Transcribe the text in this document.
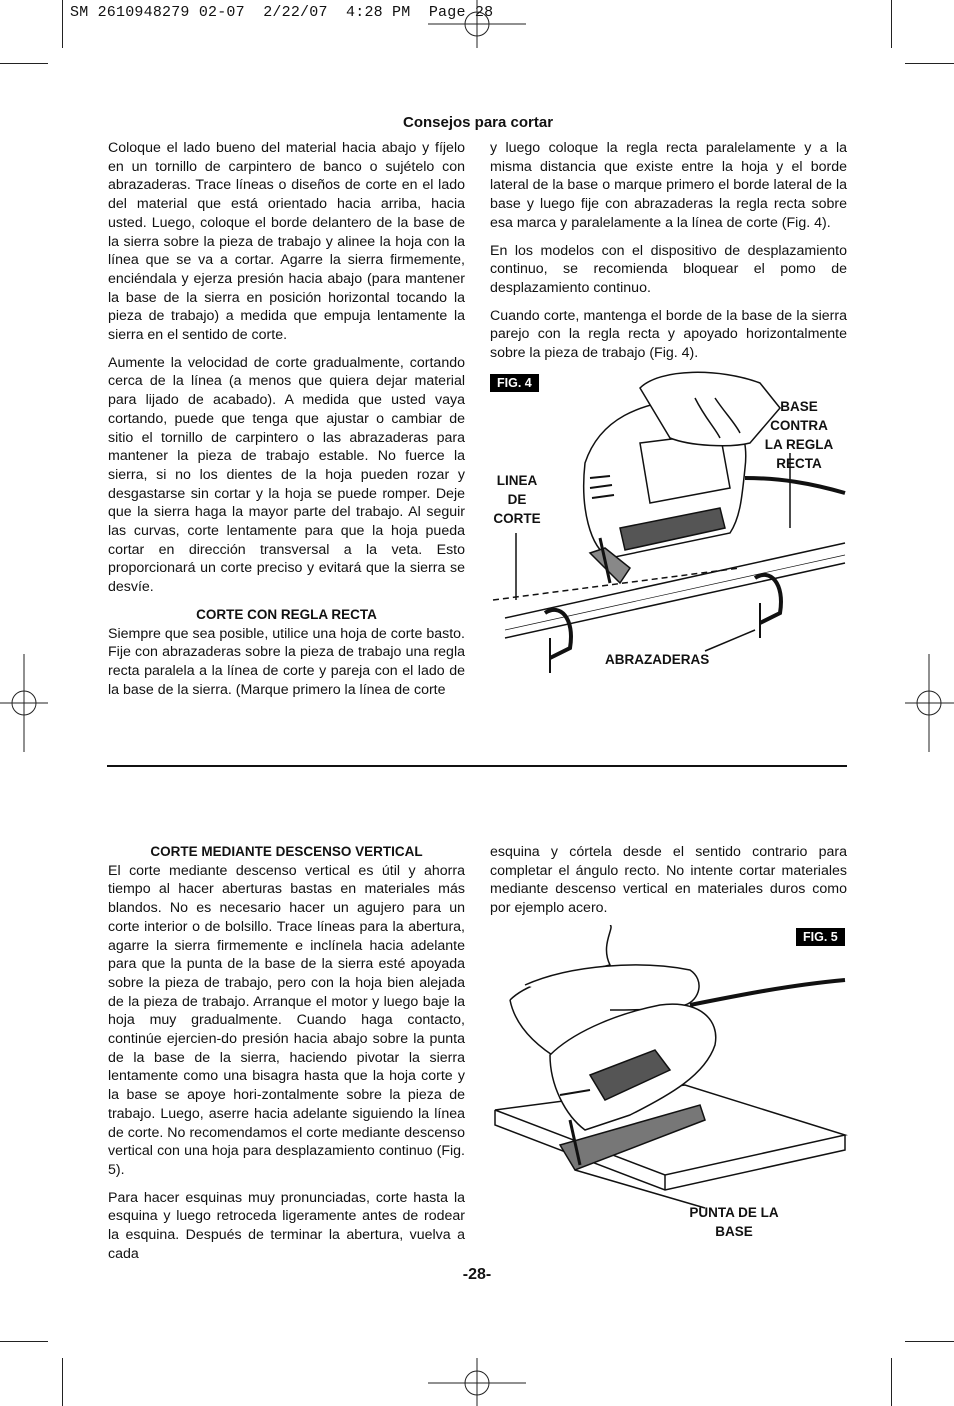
SM 2610948279 02-07  2/22/07  4:28 PM  Page 28
Consejos para cortar

Coloque el lado bueno del material hacia abajo y fíjelo en un tornillo de carpintero de banco o sujételo con abrazaderas. Trace líneas o diseños de corte en el lado del material que está orientado hacia arriba, hacia usted. Luego, coloque el borde delantero de la base de la sierra sobre la pieza de trabajo y alinee la hoja con la línea que se va a cortar. Agarre la sierra firmemente, enciéndala y ejerza presión hacia abajo (para mantener la base de la sierra en posición horizontal tocando la pieza de trabajo) a medida que empuja lentamente la sierra en el sentido de corte.

Aumente la velocidad de corte gradualmente, cortando cerca de la línea (a menos que quiera dejar material para lijado de acabado). A medida que usted vaya cortando, puede que tenga que ajustar o cambiar de sitio el tornillo de carpintero o las abrazaderas para mantener la pieza de trabajo estable. No fuerce la sierra, si no los dientes de la hoja pueden rozar y desgastarse sin cortar y la hoja se puede romper. Deje que la sierra haga la mayor parte del trabajo. Al seguir las curvas, corte lentamente para que la hoja pueda cortar en dirección transversal a la veta. Esto proporcionará un corte preciso y evitará que la sierra se desvíe.

CORTE CON REGLA RECTA

Siempre que sea posible, utilice una hoja de corte basto. Fije con abrazaderas sobre la pieza de trabajo una regla recta paralela a la línea de corte y pareja con el lado de la base de la sierra. (Marque primero la línea de corte

y luego coloque la regla recta paralelamente y a la misma distancia que existe entre la hoja y el borde lateral de la base o marque primero el borde lateral de la base y luego fije con abrazaderas la regla recta sobre esa marca y paralelamente a la línea de corte (Fig. 4).

En los modelos con el dispositivo de desplazamiento continuo, se recomienda bloquear el pomo de desplazamiento continuo.

Cuando corte, mantenga el borde de la base de la sierra parejo con la regla recta y apoyado horizontalmente sobre la pieza de trabajo (Fig. 4).

FIG. 4
BASE CONTRA
LA REGLA
RECTA
LINEA
DE
CORTE
ABRAZADERAS
CORTE MEDIANTE DESCENSO VERTICAL

El corte mediante descenso vertical es útil y ahorra tiempo al hacer aberturas bastas en materiales más blandos. No es necesario hacer un agujero para un corte interior o de bolsillo. Trace líneas para la abertura, agarre la sierra firmemente e inclínela hacia adelante para que la punta de la base de la sierra esté apoyada sobre la pieza de trabajo, pero con la hoja bien alejada de la pieza de trabajo. Arranque el motor y luego baje la hoja muy gradualmente. Cuando haga contacto, continúe ejercien-do presión hacia abajo sobre la punta de la base de la sierra, haciendo pivotar la sierra lentamente como una bisagra hasta que la hoja corte y la base se apoye hori-zontalmente sobre la pieza de trabajo. Luego, aserre hacia adelante siguiendo la línea de corte. No recomendamos el corte mediante descenso vertical con una hoja para desplazamiento continuo (Fig. 5).

Para hacer esquinas muy pronunciadas, corte hasta la esquina y luego retroceda ligeramente antes de rodear la esquina. Después de terminar la abertura, vuelva a cada

esquina y córtela desde el sentido contrario para completar el ángulo recto. No intente cortar materiales mediante descenso vertical en materiales duros como por ejemplo acero.

FIG. 5
PUNTA DE LA
BASE
-28-
